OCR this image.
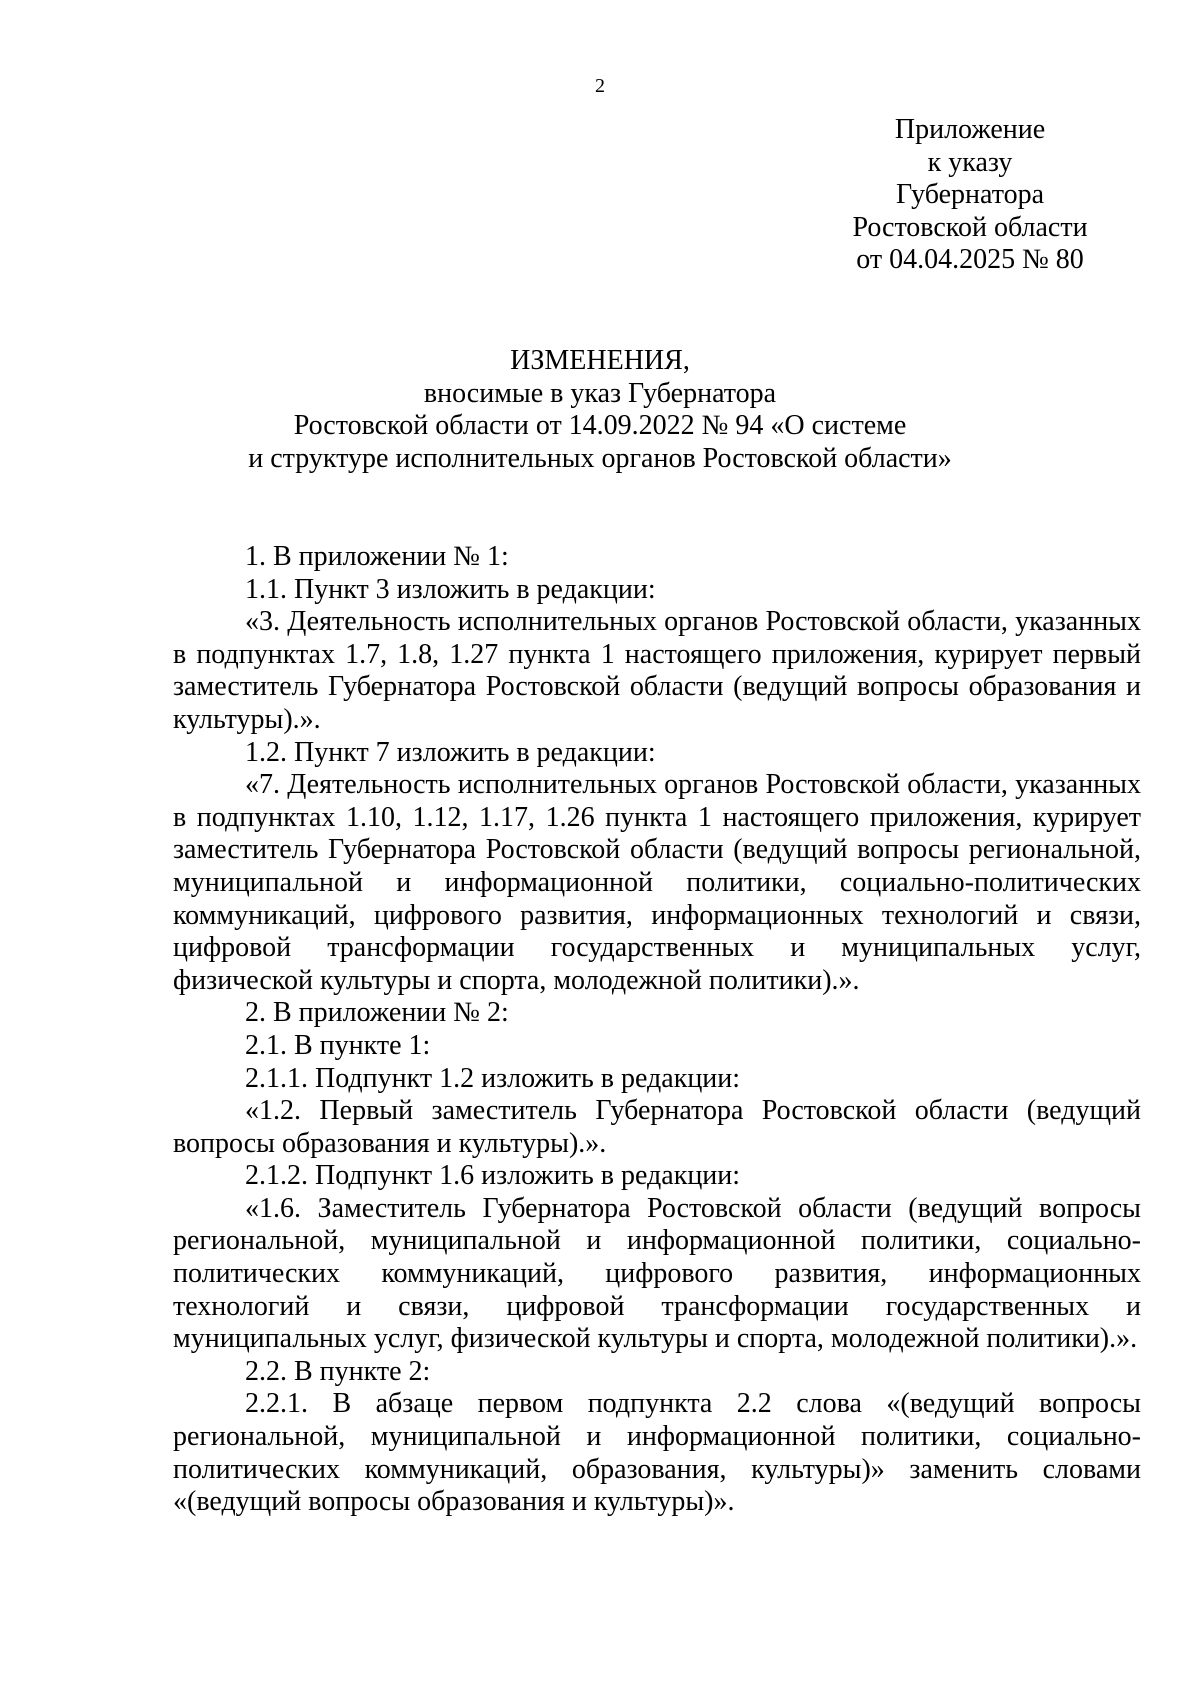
2
Приложение
к указу
Губернатора
Ростовской области
от 04.04.2025 № 80
ИЗМЕНЕНИЯ,
вносимые в указ Губернатора
Ростовской области от 14.09.2022 № 94 «О системе
и структуре исполнительных органов Ростовской области»

1. В приложении № 1:

1.1. Пункт 3 изложить в редакции:

«3. Деятельность исполнительных органов Ростовской области, указанных в подпунктах 1.7, 1.8, 1.27 пункта 1 настоящего приложения, курирует первый заместитель Губернатора Ростовской области (ведущий вопросы образования и культуры).».

1.2. Пункт 7 изложить в редакции:

«7. Деятельность исполнительных органов Ростовской области, указанных в подпунктах 1.10, 1.12, 1.17, 1.26 пункта 1 настоящего приложения, курирует заместитель Губернатора Ростовской области (ведущий вопросы региональной, муниципальной и информационной политики, социально-политических коммуникаций, цифрового развития, информационных технологий и связи, цифровой трансформации государственных и муниципальных услуг, физической культуры и спорта, молодежной политики).».

2. В приложении № 2:

2.1. В пункте 1:

2.1.1. Подпункт 1.2 изложить в редакции:

«1.2. Первый заместитель Губернатора Ростовской области (ведущий вопросы образования и культуры).».

2.1.2. Подпункт 1.6 изложить в редакции:

«1.6. Заместитель Губернатора Ростовской области (ведущий вопросы региональной, муниципальной и информационной политики, социально-политических коммуникаций, цифрового развития, информационных технологий и связи, цифровой трансформации государственных и муниципальных услуг, физической культуры и спорта, молодежной политики).».

2.2. В пункте 2:

2.2.1. В абзаце первом подпункта 2.2 слова «(ведущий вопросы региональной, муниципальной и информационной политики, социально-политических коммуникаций, образования, культуры)» заменить словами «(ведущий вопросы образования и культуры)».
